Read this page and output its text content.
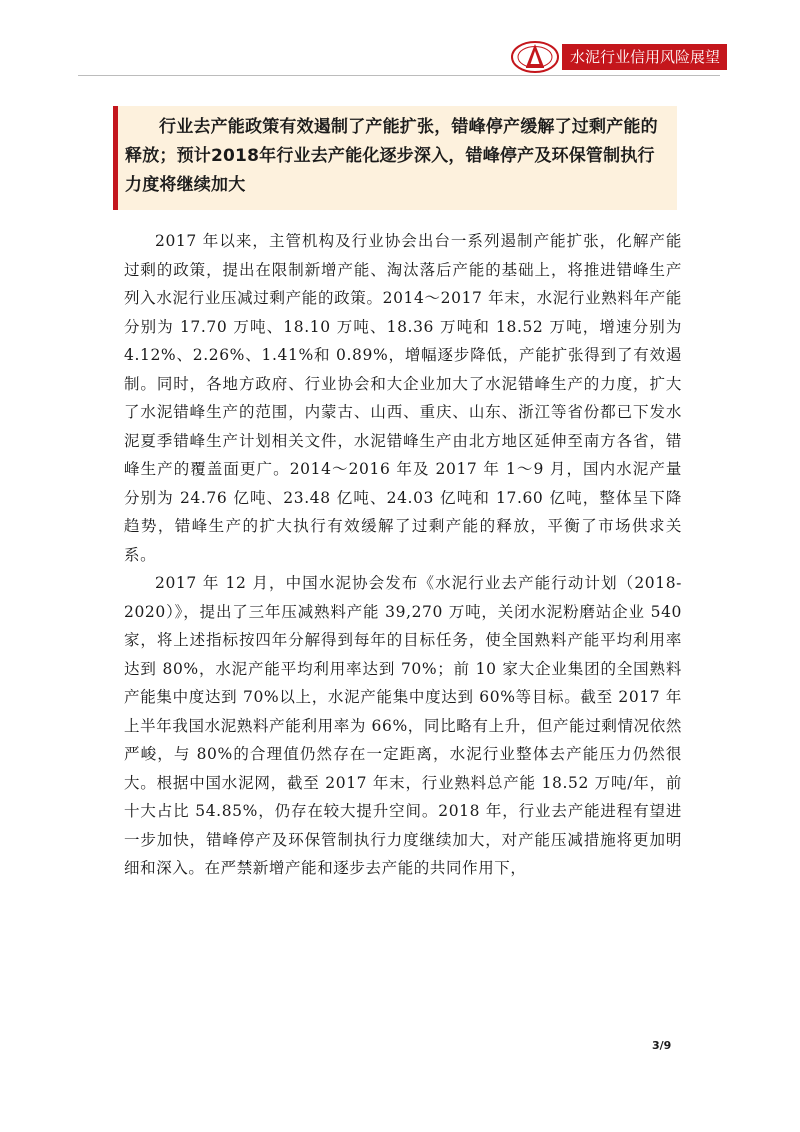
水泥行业信用风险展望

行业去产能政策有效遏制了产能扩张，错峰停产缓解了过剩产能的释放；预计2018年行业去产能化逐步深入，错峰停产及环保管制执行力度将继续加大

2017 年以来，主管机构及行业协会出台一系列遏制产能扩张，化解产能过剩的政策，提出在限制新增产能、淘汰落后产能的基础上，将推进错峰生产列入水泥行业压减过剩产能的政策。2014～2017 年末，水泥行业熟料年产能分别为 17.70 万吨、18.10 万吨、18.36 万吨和 18.52 万吨，增速分别为 4.12%、2.26%、1.41%和 0.89%，增幅逐步降低，产能扩张得到了有效遏制。同时，各地方政府、行业协会和大企业加大了水泥错峰生产的力度，扩大了水泥错峰生产的范围，内蒙古、山西、重庆、山东、浙江等省份都已下发水泥夏季错峰生产计划相关文件，水泥错峰生产由北方地区延伸至南方各省，错峰生产的覆盖面更广。2014～2016 年及 2017 年 1～9 月，国内水泥产量分别为 24.76 亿吨、23.48 亿吨、24.03 亿吨和 17.60 亿吨，整体呈下降趋势，错峰生产的扩大执行有效缓解了过剩产能的释放，平衡了市场供求关系。

2017 年 12 月，中国水泥协会发布《水泥行业去产能行动计划（2018-2020）》，提出了三年压减熟料产能 39,270 万吨，关闭水泥粉磨站企业 540 家，将上述指标按四年分解得到每年的目标任务，使全国熟料产能平均利用率达到 80%，水泥产能平均利用率达到 70%；前 10 家大企业集团的全国熟料产能集中度达到 70%以上，水泥产能集中度达到 60%等目标。截至 2017 年上半年我国水泥熟料产能利用率为 66%，同比略有上升，但产能过剩情况依然严峻，与 80%的合理值仍然存在一定距离，水泥行业整体去产能压力仍然很大。根据中国水泥网，截至 2017 年末，行业熟料总产能 18.52 万吨/年，前十大占比 54.85%，仍存在较大提升空间。2018 年，行业去产能进程有望进一步加快，错峰停产及环保管制执行力度继续加大，对产能压减措施将更加明细和深入。在严禁新增产能和逐步去产能的共同作用下，

3/9
